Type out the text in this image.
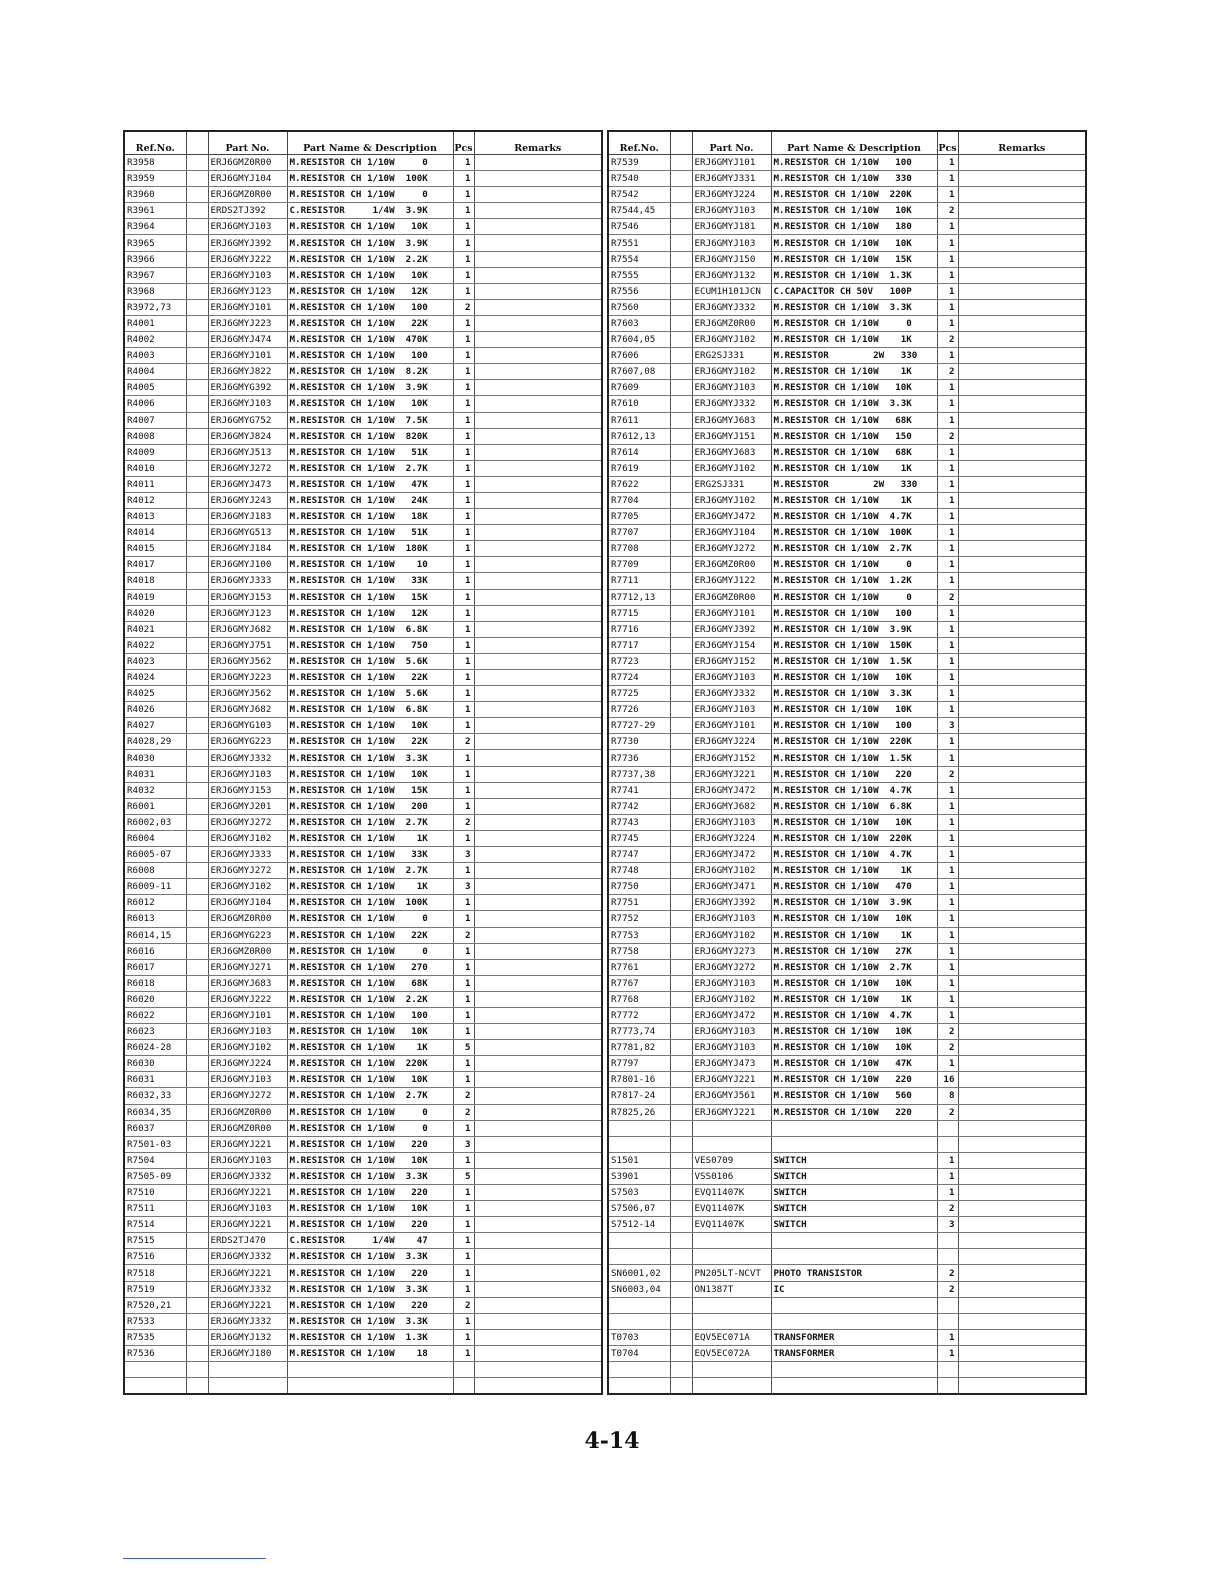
Ref.No.		Part No.	Part Name & Description	Pcs	Remarks
R3958		ERJ6GMZ0R00	M.RESISTOR CH 1/10W     0	1	
R3959		ERJ6GMYJ104	M.RESISTOR CH 1/10W  100K	1	
R3960		ERJ6GMZ0R00	M.RESISTOR CH 1/10W     0	1	
R3961		ERDS2TJ392	C.RESISTOR     1/4W  3.9K	1	
R3964		ERJ6GMYJ103	M.RESISTOR CH 1/10W   10K	1	
R3965		ERJ6GMYJ392	M.RESISTOR CH 1/10W  3.9K	1	
R3966		ERJ6GMYJ222	M.RESISTOR CH 1/10W  2.2K	1	
R3967		ERJ6GMYJ103	M.RESISTOR CH 1/10W   10K	1	
R3968		ERJ6GMYJ123	M.RESISTOR CH 1/10W   12K	1	
R3972,73		ERJ6GMYJ101	M.RESISTOR CH 1/10W   100	2	
R4001		ERJ6GMYJ223	M.RESISTOR CH 1/10W   22K	1	
R4002		ERJ6GMYJ474	M.RESISTOR CH 1/10W  470K	1	
R4003		ERJ6GMYJ101	M.RESISTOR CH 1/10W   100	1	
R4004		ERJ6GMYJ822	M.RESISTOR CH 1/10W  8.2K	1	
R4005		ERJ6GMYG392	M.RESISTOR CH 1/10W  3.9K	1	
R4006		ERJ6GMYJ103	M.RESISTOR CH 1/10W   10K	1	
R4007		ERJ6GMYG752	M.RESISTOR CH 1/10W  7.5K	1	
R4008		ERJ6GMYJ824	M.RESISTOR CH 1/10W  820K	1	
R4009		ERJ6GMYJ513	M.RESISTOR CH 1/10W   51K	1	
R4010		ERJ6GMYJ272	M.RESISTOR CH 1/10W  2.7K	1	
R4011		ERJ6GMYJ473	M.RESISTOR CH 1/10W   47K	1	
R4012		ERJ6GMYJ243	M.RESISTOR CH 1/10W   24K	1	
R4013		ERJ6GMYJ183	M.RESISTOR CH 1/10W   18K	1	
R4014		ERJ6GMYG513	M.RESISTOR CH 1/10W   51K	1	
R4015		ERJ6GMYJ184	M.RESISTOR CH 1/10W  180K	1	
R4017		ERJ6GMYJ100	M.RESISTOR CH 1/10W    10	1	
R4018		ERJ6GMYJ333	M.RESISTOR CH 1/10W   33K	1	
R4019		ERJ6GMYJ153	M.RESISTOR CH 1/10W   15K	1	
R4020		ERJ6GMYJ123	M.RESISTOR CH 1/10W   12K	1	
R4021		ERJ6GMYJ682	M.RESISTOR CH 1/10W  6.8K	1	
R4022		ERJ6GMYJ751	M.RESISTOR CH 1/10W   750	1	
R4023		ERJ6GMYJ562	M.RESISTOR CH 1/10W  5.6K	1	
R4024		ERJ6GMYJ223	M.RESISTOR CH 1/10W   22K	1	
R4025		ERJ6GMYJ562	M.RESISTOR CH 1/10W  5.6K	1	
R4026		ERJ6GMYJ682	M.RESISTOR CH 1/10W  6.8K	1	
R4027		ERJ6GMYG103	M.RESISTOR CH 1/10W   10K	1	
R4028,29		ERJ6GMYG223	M.RESISTOR CH 1/10W   22K	2	
R4030		ERJ6GMYJ332	M.RESISTOR CH 1/10W  3.3K	1	
R4031		ERJ6GMYJ103	M.RESISTOR CH 1/10W   10K	1	
R4032		ERJ6GMYJ153	M.RESISTOR CH 1/10W   15K	1	
R6001		ERJ6GMYJ201	M.RESISTOR CH 1/10W   200	1	
R6002,03		ERJ6GMYJ272	M.RESISTOR CH 1/10W  2.7K	2	
R6004		ERJ6GMYJ102	M.RESISTOR CH 1/10W    1K	1	
R6005-07		ERJ6GMYJ333	M.RESISTOR CH 1/10W   33K	3	
R6008		ERJ6GMYJ272	M.RESISTOR CH 1/10W  2.7K	1	
R6009-11		ERJ6GMYJ102	M.RESISTOR CH 1/10W    1K	3	
R6012		ERJ6GMYJ104	M.RESISTOR CH 1/10W  100K	1	
R6013		ERJ6GMZ0R00	M.RESISTOR CH 1/10W     0	1	
R6014,15		ERJ6GMYG223	M.RESISTOR CH 1/10W   22K	2	
R6016		ERJ6GMZ0R00	M.RESISTOR CH 1/10W     0	1	
R6017		ERJ6GMYJ271	M.RESISTOR CH 1/10W   270	1	
R6018		ERJ6GMYJ683	M.RESISTOR CH 1/10W   68K	1	
R6020		ERJ6GMYJ222	M.RESISTOR CH 1/10W  2.2K	1	
R6022		ERJ6GMYJ101	M.RESISTOR CH 1/10W   100	1	
R6023		ERJ6GMYJ103	M.RESISTOR CH 1/10W   10K	1	
R6024-28		ERJ6GMYJ102	M.RESISTOR CH 1/10W    1K	5	
R6030		ERJ6GMYJ224	M.RESISTOR CH 1/10W  220K	1	
R6031		ERJ6GMYJ103	M.RESISTOR CH 1/10W   10K	1	
R6032,33		ERJ6GMYJ272	M.RESISTOR CH 1/10W  2.7K	2	
R6034,35		ERJ6GMZ0R00	M.RESISTOR CH 1/10W     0	2	
R6037		ERJ6GMZ0R00	M.RESISTOR CH 1/10W     0	1	
R7501-03		ERJ6GMYJ221	M.RESISTOR CH 1/10W   220	3	
R7504		ERJ6GMYJ103	M.RESISTOR CH 1/10W   10K	1	
R7505-09		ERJ6GMYJ332	M.RESISTOR CH 1/10W  3.3K	5	
R7510		ERJ6GMYJ221	M.RESISTOR CH 1/10W   220	1	
R7511		ERJ6GMYJ103	M.RESISTOR CH 1/10W   10K	1	
R7514		ERJ6GMYJ221	M.RESISTOR CH 1/10W   220	1	
R7515		ERDS2TJ470	C.RESISTOR     1/4W    47	1	
R7516		ERJ6GMYJ332	M.RESISTOR CH 1/10W  3.3K	1	
R7518		ERJ6GMYJ221	M.RESISTOR CH 1/10W   220	1	
R7519		ERJ6GMYJ332	M.RESISTOR CH 1/10W  3.3K	1	
R7520,21		ERJ6GMYJ221	M.RESISTOR CH 1/10W   220	2	
R7533		ERJ6GMYJ332	M.RESISTOR CH 1/10W  3.3K	1	
R7535		ERJ6GMYJ132	M.RESISTOR CH 1/10W  1.3K	1	
R7536		ERJ6GMYJ180	M.RESISTOR CH 1/10W    18	1	

Ref.No.		Part No.	Part Name & Description	Pcs	Remarks
R7539		ERJ6GMYJ101	M.RESISTOR CH 1/10W   100	1	
R7540		ERJ6GMYJ331	M.RESISTOR CH 1/10W   330	1	
R7542		ERJ6GMYJ224	M.RESISTOR CH 1/10W  220K	1	
R7544,45		ERJ6GMYJ103	M.RESISTOR CH 1/10W   10K	2	
R7546		ERJ6GMYJ181	M.RESISTOR CH 1/10W   180	1	
R7551		ERJ6GMYJ103	M.RESISTOR CH 1/10W   10K	1	
R7554		ERJ6GMYJ150	M.RESISTOR CH 1/10W   15K	1	
R7555		ERJ6GMYJ132	M.RESISTOR CH 1/10W  1.3K	1	
R7556		ECUM1H101JCN	C.CAPACITOR CH 50V   100P	1	
R7560		ERJ6GMYJ332	M.RESISTOR CH 1/10W  3.3K	1	
R7603		ERJ6GMZ0R00	M.RESISTOR CH 1/10W     0	1	
R7604,05		ERJ6GMYJ102	M.RESISTOR CH 1/10W    1K	2	
R7606		ERG2SJ331	M.RESISTOR        2W   330	1	
R7607,08		ERJ6GMYJ102	M.RESISTOR CH 1/10W    1K	2	
R7609		ERJ6GMYJ103	M.RESISTOR CH 1/10W   10K	1	
R7610		ERJ6GMYJ332	M.RESISTOR CH 1/10W  3.3K	1	
R7611		ERJ6GMYJ683	M.RESISTOR CH 1/10W   68K	1	
R7612,13		ERJ6GMYJ151	M.RESISTOR CH 1/10W   150	2	
R7614		ERJ6GMYJ683	M.RESISTOR CH 1/10W   68K	1	
R7619		ERJ6GMYJ102	M.RESISTOR CH 1/10W    1K	1	
R7622		ERG2SJ331	M.RESISTOR        2W   330	1	
R7704		ERJ6GMYJ102	M.RESISTOR CH 1/10W    1K	1	
R7705		ERJ6GMYJ472	M.RESISTOR CH 1/10W  4.7K	1	
R7707		ERJ6GMYJ104	M.RESISTOR CH 1/10W  100K	1	
R7708		ERJ6GMYJ272	M.RESISTOR CH 1/10W  2.7K	1	
R7709		ERJ6GMZ0R00	M.RESISTOR CH 1/10W     0	1	
R7711		ERJ6GMYJ122	M.RESISTOR CH 1/10W  1.2K	1	
R7712,13		ERJ6GMZ0R00	M.RESISTOR CH 1/10W     0	2	
R7715		ERJ6GMYJ101	M.RESISTOR CH 1/10W   100	1	
R7716		ERJ6GMYJ392	M.RESISTOR CH 1/10W  3.9K	1	
R7717		ERJ6GMYJ154	M.RESISTOR CH 1/10W  150K	1	
R7723		ERJ6GMYJ152	M.RESISTOR CH 1/10W  1.5K	1	
R7724		ERJ6GMYJ103	M.RESISTOR CH 1/10W   10K	1	
R7725		ERJ6GMYJ332	M.RESISTOR CH 1/10W  3.3K	1	
R7726		ERJ6GMYJ103	M.RESISTOR CH 1/10W   10K	1	
R7727-29		ERJ6GMYJ101	M.RESISTOR CH 1/10W   100	3	
R7730		ERJ6GMYJ224	M.RESISTOR CH 1/10W  220K	1	
R7736		ERJ6GMYJ152	M.RESISTOR CH 1/10W  1.5K	1	
R7737,38		ERJ6GMYJ221	M.RESISTOR CH 1/10W   220	2	
R7741		ERJ6GMYJ472	M.RESISTOR CH 1/10W  4.7K	1	
R7742		ERJ6GMYJ682	M.RESISTOR CH 1/10W  6.8K	1	
R7743		ERJ6GMYJ103	M.RESISTOR CH 1/10W   10K	1	
R7745		ERJ6GMYJ224	M.RESISTOR CH 1/10W  220K	1	
R7747		ERJ6GMYJ472	M.RESISTOR CH 1/10W  4.7K	1	
R7748		ERJ6GMYJ102	M.RESISTOR CH 1/10W    1K	1	
R7750		ERJ6GMYJ471	M.RESISTOR CH 1/10W   470	1	
R7751		ERJ6GMYJ392	M.RESISTOR CH 1/10W  3.9K	1	
R7752		ERJ6GMYJ103	M.RESISTOR CH 1/10W   10K	1	
R7753		ERJ6GMYJ102	M.RESISTOR CH 1/10W    1K	1	
R7758		ERJ6GMYJ273	M.RESISTOR CH 1/10W   27K	1	
R7761		ERJ6GMYJ272	M.RESISTOR CH 1/10W  2.7K	1	
R7767		ERJ6GMYJ103	M.RESISTOR CH 1/10W   10K	1	
R7768		ERJ6GMYJ102	M.RESISTOR CH 1/10W    1K	1	
R7772		ERJ6GMYJ472	M.RESISTOR CH 1/10W  4.7K	1	
R7773,74		ERJ6GMYJ103	M.RESISTOR CH 1/10W   10K	2	
R7781,82		ERJ6GMYJ103	M.RESISTOR CH 1/10W   10K	2	
R7797		ERJ6GMYJ473	M.RESISTOR CH 1/10W   47K	1	
R7801-16		ERJ6GMYJ221	M.RESISTOR CH 1/10W   220	16	
R7817-24		ERJ6GMYJ561	M.RESISTOR CH 1/10W   560	8	
R7825,26		ERJ6GMYJ221	M.RESISTOR CH 1/10W   220	2	

S1501		VES0709	SWITCH	1	
S3901		VSS0106	SWITCH	1	
S7503		EVQ11407K	SWITCH	1	
S7506,07		EVQ11407K	SWITCH	2	
S7512-14		EVQ11407K	SWITCH	3	

SN6001,02		PN205LT-NCVT	PHOTO TRANSISTOR	2	
SN6003,04		ON1387T	IC	2	

T0703		EQV5EC071A	TRANSFORMER	1	
T0704		EQV5EC072A	TRANSFORMER	1	

4-14
